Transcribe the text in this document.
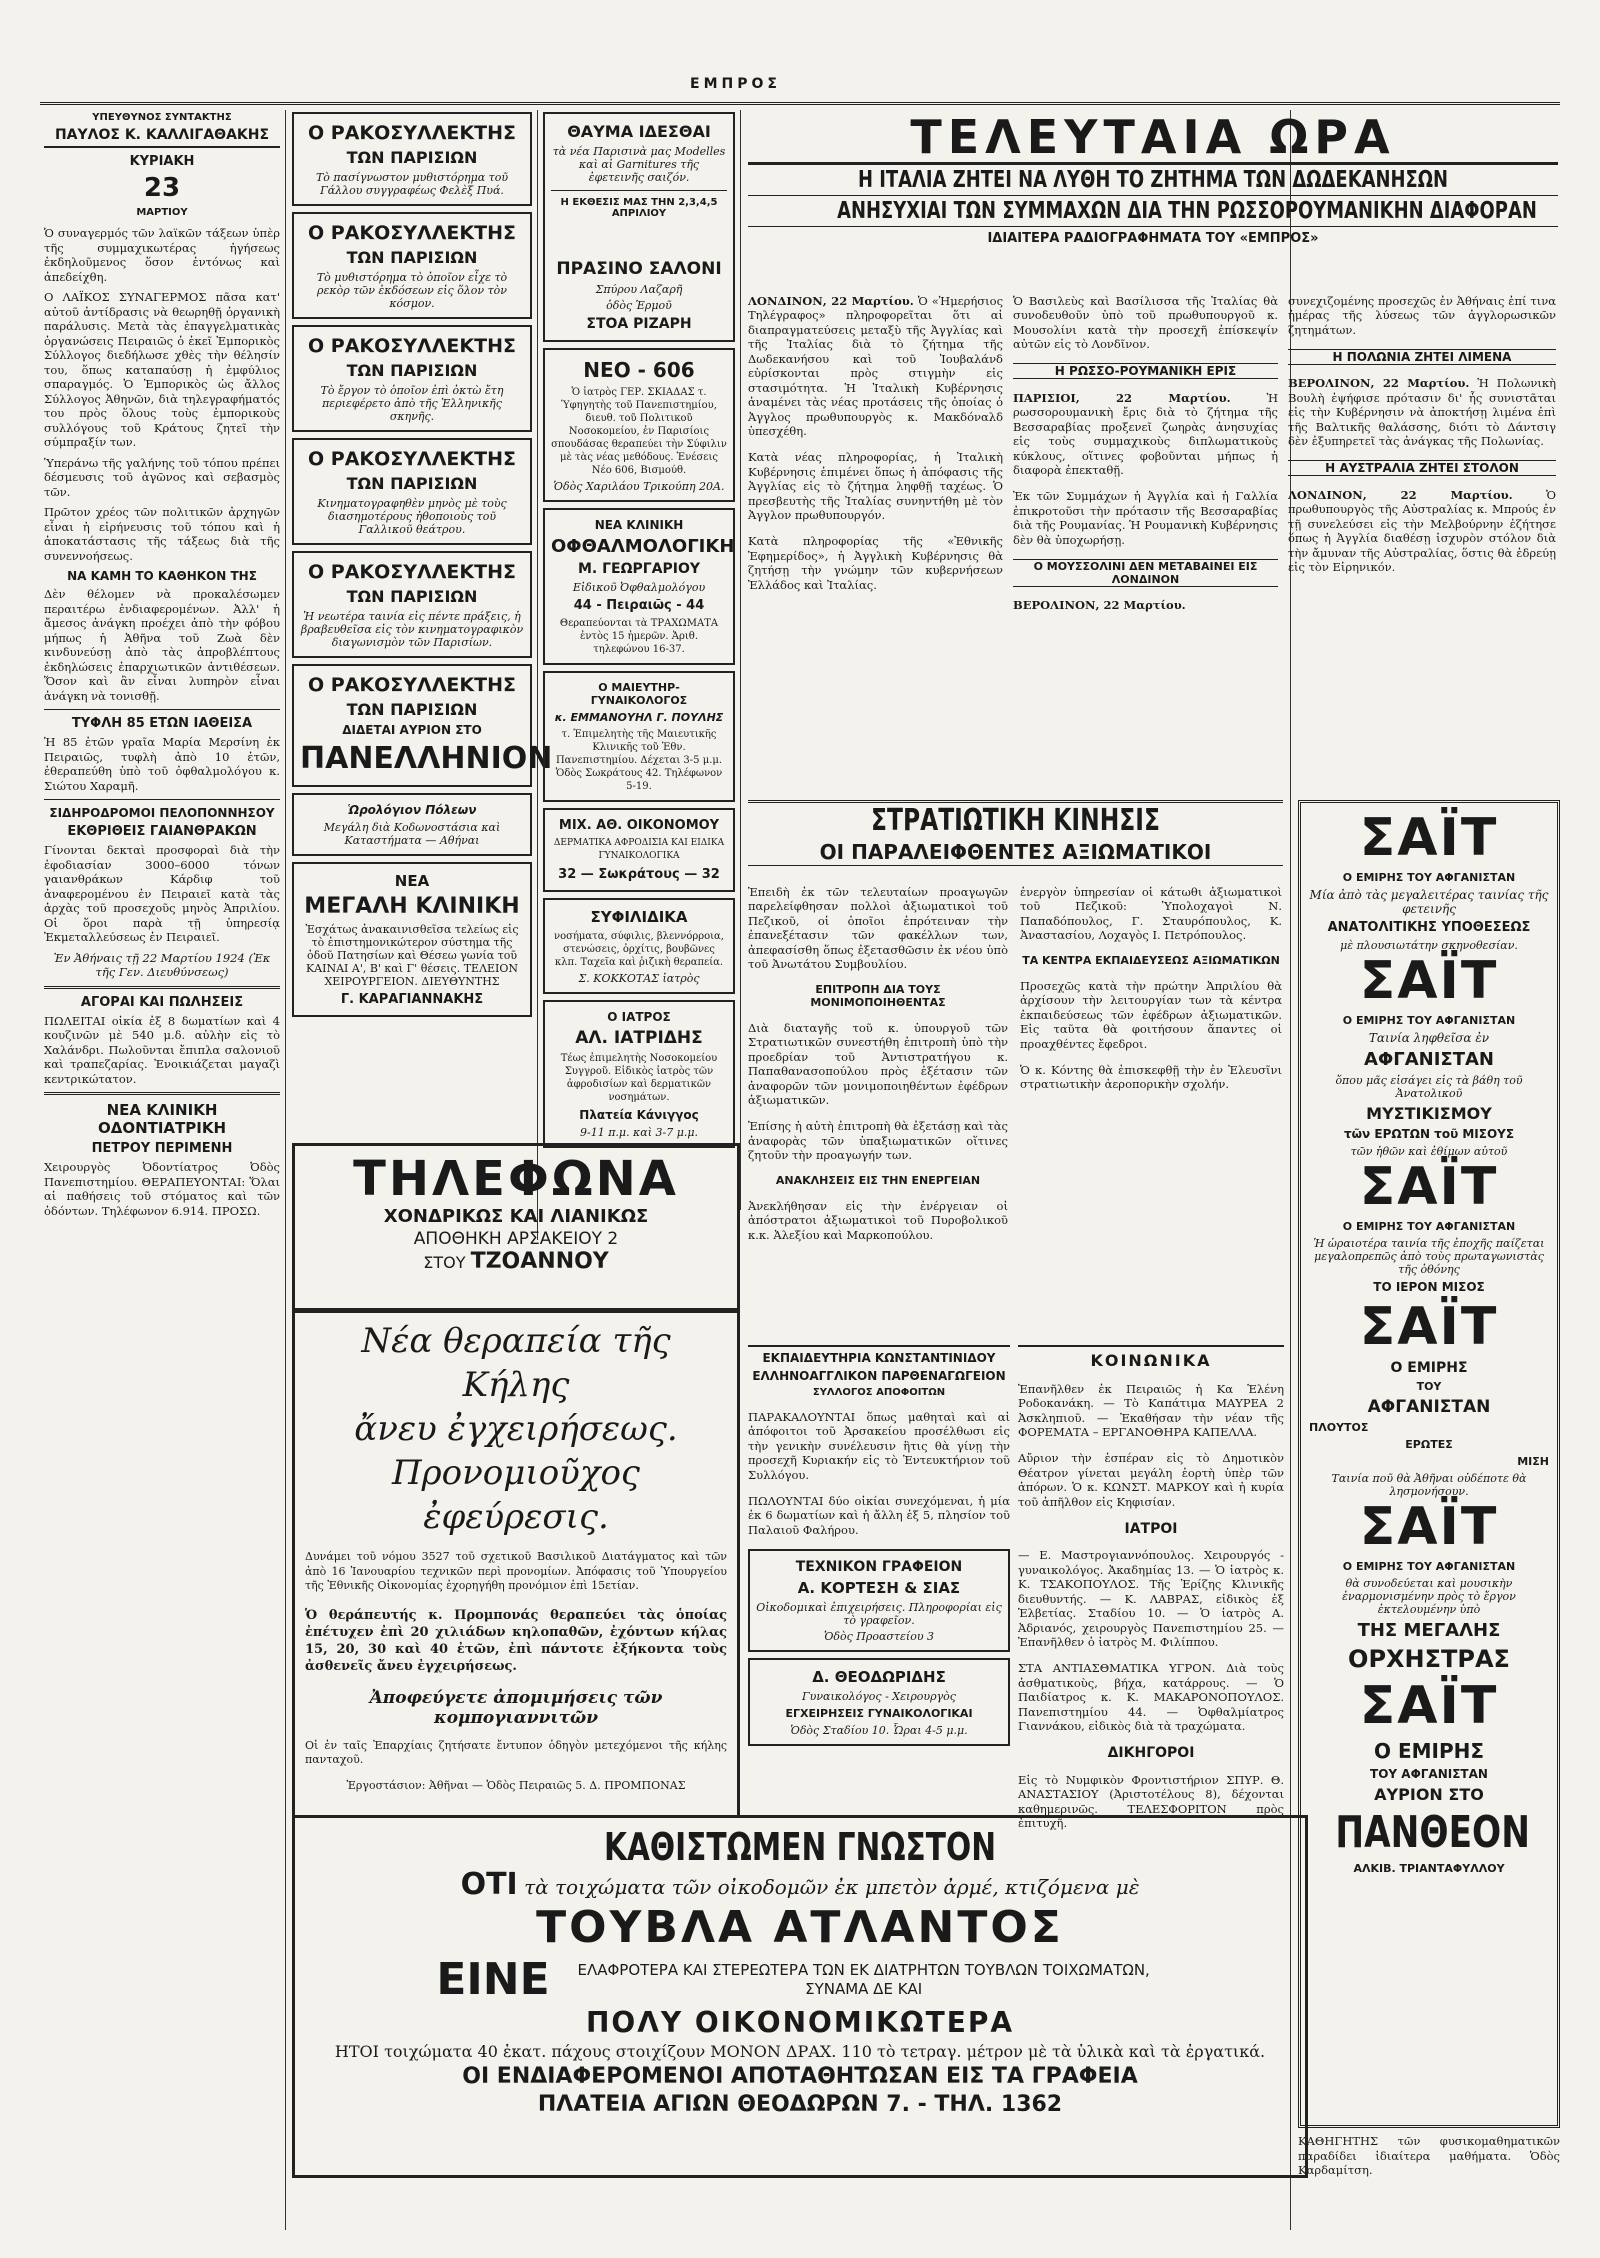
ΕΜΠΡΟΣ
ΥΠΕΥΘΥΝΟΣ ΣΥΝΤΑΚΤΗΣ
ΠΑΥΛΟΣ Κ. ΚΑΛΛΙΓΑΘΑΚΗΣ
ΚΥΡΙΑΚΗ
23
ΜΑΡΤΙΟΥ

Ὁ συναγερμός τῶν λαϊκῶν τάξεων ὑπὲρ τῆς συμμαχικωτέρας ἡγήσεως ἐκδηλοῦμενος ὅσον ἐντόνως καὶ ἀπεδείχθη.

Ο ΛΑΪΚΟΣ ΣΥΝΑΓΕΡΜΟΣ πᾶσα κατ' αὐτοῦ ἀντίδρασις νὰ θεωρηθῇ ὀργανικὴ παράλυσις. Μετὰ τὰς ἐπαγγελματικὰς ὀργανώσεις Πειραιῶς ὁ ἐκεῖ Ἐμπορικὸς Σύλλογος διεδήλωσε χθὲς τὴν θέλησίν του, ὅπως καταπαύσῃ ἡ ἐμφύλιος σπαραγμός. Ὁ Ἐμπορικὸς ὡς ἄλλος Σύλλογος Ἀθηνῶν, διὰ τηλεγραφήματός του πρὸς ὅλους τοὺς ἐμπορικοὺς συλλόγους τοῦ Κράτους ζητεῖ τὴν σύμπραξίν των.

Ὑπεράνω τῆς γαλήνης τοῦ τόπου πρέπει δέσμευσις τοῦ ἀγῶνος καὶ σεβασμὸς τῶν.

Πρῶτον χρέος τῶν πολιτικῶν ἀρχηγῶν εἶναι ἡ εἰρήνευσις τοῦ τόπου καὶ ἡ ἀποκατάστασις τῆς τάξεως διὰ τῆς συνεννοήσεως.

ΝΑ ΚΑΜΗ ΤΟ ΚΑΘΗΚΟΝ ΤΗΣ

Δὲν θέλομεν νὰ προκαλέσωμεν περαιτέρω ἐνδιαφερομένων. Ἀλλ' ἡ ἄμεσος ἀνάγκη προέχει ἀπὸ τὴν φόβου μήπως ἡ Ἀθῆνα τοῦ Ζωὰ δὲν κινδυνεύσῃ ἀπὸ τὰς ἀπροβλέπτους ἐκδηλώσεις ἐπαρχιωτικῶν ἀντιθέσεων. Ὅσον καὶ ἂν εἶναι λυπηρὸν εἶναι ἀνάγκη νὰ τονισθῇ.

ΤΥΦΛΗ 85 ΕΤΩΝ ΙΑΘΕΙΣΑ

Ἡ 85 ἐτῶν γραῖα Μαρία Μερσίνη ἐκ Πειραιῶς, τυφλὴ ἀπὸ 10 ἐτῶν, ἐθεραπεύθη ὑπὸ τοῦ ὀφθαλμολόγου κ. Σιώτου Χαραμῆ.

ΣΙΔΗΡΟΔΡΟΜΟΙ ΠΕΛΟΠΟΝΝΗΣΟΥ
ΕΚΘΡΙΘΕΙΣ ΓΑΙΑΝΘΡΑΚΩΝ

Γίνονται δεκταὶ προσφοραὶ διὰ τὴν ἐφοδιασίαν 3000–6000 τόνων γαιανθράκων Κάρδιφ τοῦ ἀναφερομένου ἐν Πειραιεῖ κατὰ τὰς ἀρχὰς τοῦ προσεχοῦς μηνὸς Ἀπριλίου. Οἱ ὅροι παρὰ τῇ ὑπηρεσίᾳ Ἐκμεταλλεύσεως ἐν Πειραιεῖ.

Ἐν Ἀθήναις τῇ 22 Μαρτίου 1924 (Ἐκ τῆς Γεν. Διευθύνσεως)

ΑΓΟΡΑΙ ΚΑΙ ΠΩΛΗΣΕΙΣ

ΠΩΛΕΙΤΑΙ οἰκία ἐξ 8 δωματίων καὶ 4 κουζινῶν μὲ 540 μ.δ. αὐλὴν εἰς τὸ Χαλάνδρι. Πωλοῦνται ἔπιπλα σαλονιοῦ καὶ τραπεζαρίας. Ἐνοικιάζεται μαγαζὶ κεντρικώτατον.

ΝΕΑ ΚΛΙΝΙΚΗ ΟΔΟΝΤΙΑΤΡΙΚΗ
ΠΕΤΡΟΥ ΠΕΡΙΜΕΝΗ

Χειρουργὸς Ὀδοντίατρος Ὀδὸς Πανεπιστημίου. ΘΕΡΑΠΕΥΟΝΤΑΙ: Ὅλαι αἱ παθήσεις τοῦ στόματος καὶ τῶν ὀδόντων. Τηλέφωνον 6.914. ΠΡΟΣΩ.

Ο ΡΑΚΟΣΥΛΛΕΚΤΗΣ
ΤΩΝ ΠΑΡΙΣΙΩΝ
Τὸ πασίγνωστον μυθιστόρημα τοῦ Γάλλου συγγραφέως Φελὲξ Πυά.
Ο ΡΑΚΟΣΥΛΛΕΚΤΗΣ
ΤΩΝ ΠΑΡΙΣΙΩΝ
Τὸ μυθιστόρημα τὸ ὁποῖον εἶχε τὸ ρεκὸρ τῶν ἐκδόσεων εἰς ὅλον τὸν κόσμον.
Ο ΡΑΚΟΣΥΛΛΕΚΤΗΣ
ΤΩΝ ΠΑΡΙΣΙΩΝ
Τὸ ἔργον τὸ ὁποῖον ἐπὶ ὀκτὼ ἔτη περιεφέρετο ἀπὸ τῆς Ἑλληνικῆς σκηνῆς.
Ο ΡΑΚΟΣΥΛΛΕΚΤΗΣ
ΤΩΝ ΠΑΡΙΣΙΩΝ
Κινηματογραφηθὲν μηνὸς μὲ τοὺς διασημοτέρους ἠθοποιοὺς τοῦ Γαλλικοῦ θεάτρου.
Ο ΡΑΚΟΣΥΛΛΕΚΤΗΣ
ΤΩΝ ΠΑΡΙΣΙΩΝ
Ἡ νεωτέρα ταινία εἰς πέντε πράξεις, ἡ βραβευθεῖσα εἰς τὸν κινηματογραφικὸν διαγωνισμὸν τῶν Παρισίων.
Ο ΡΑΚΟΣΥΛΛΕΚΤΗΣ
ΤΩΝ ΠΑΡΙΣΙΩΝ
ΔΙΔΕΤΑΙ ΑΥΡΙΟΝ ΣΤΟ
ΠΑΝΕΛΛΗΝΙΟΝ
Ὡρολόγιον Πόλεων
Μεγάλη διὰ Κοδωνοστάσια καὶ Καταστήματα — Αθήναι
ΝΕΑ
ΜΕΓΑΛΗ ΚΛΙΝΙΚΗ
Ἐσχάτως ἀνακαινισθεῖσα τελείως εἰς τὸ ἐπιστημονικώτερον σύστημα τῆς ὁδοῦ Πατησίων καὶ Θέσεω γωνία τοῦ ΚΑΙΝΑΙ Α', Β' καὶ Γ' θέσεις. ΤΕΛΕΙΟΝ ΧΕΙΡΟΥΡΓΕΙΟΝ. ΔΙΕΥΘΥΝΤΗΣ
Γ. ΚΑΡΑΓΙΑΝΝΑΚΗΣ
ΘΑΥΜΑ ΙΔΕΣΘΑΙ
τὰ νέα Παρισινὰ μας Modelles καὶ αἱ Garnitures τῆς ἐφετεινῆς σαιζόν.
Η ΕΚΘΕΣΙΣ ΜΑΣ ΤΗΝ 2,3,4,5 ΑΠΡΙΛΙΟΥ
ΠΡΑΣΙΝΟ ΣΑΛΟΝΙ
Σπύρου Λαζαρῆ
ὁδὸς Ἑρμοῦ
ΣΤΟΑ ΡΙΖΑΡΗ
ΝΕΟ - 606
Ὁ ἰατρὸς ΓΕΡ. ΣΚΙΑΔΑΣ τ. Ὑφηγητὴς τοῦ Πανεπιστημίου, διευθ. τοῦ Πολιτικοῦ Νοσοκομείου, ἐν Παρισίοις σπουδάσας θεραπεύει τὴν Σύφιλιν μὲ τὰς νέας μεθόδους. Ἐνέσεις Νέο 606, Βισμούθ.
Ὁδὸς Χαριλάου Τρικούπη 20Α.
ΝΕΑ ΚΛΙΝΙΚΗ
ΟΦΘΑΛΜΟΛΟΓΙΚΗ
Μ. ΓΕΩΡΓΑΡΙΟΥ
Εἰδικοῦ Ὀφθαλμολόγου
44 - Πειραιῶς - 44
Θεραπεύονται τὰ ΤΡΑΧΩΜΑΤΑ ἐντὸς 15 ἡμερῶν. Ἀριθ. τηλεφώνου 16-37.
Ο ΜΑΙΕΥΤΗΡ-ΓΥΝΑΙΚΟΛΟΓΟΣ
κ. ΕΜΜΑΝΟΥΗΛ Γ. ΠΟΥΛΗΣ
τ. Ἐπιμελητὴς τῆς Μαιευτικῆς Κλινικῆς τοῦ Ἐθν. Πανεπιστημίου. Δέχεται 3-5 μ.μ. Ὁδὸς Σωκράτους 42. Τηλέφωνον 5-19.
ΜΙΧ. ΑΘ. ΟΙΚΟΝΟΜΟΥ
ΔΕΡΜΑΤΙΚΑ ΑΦΡΟΔΙΣΙΑ ΚΑΙ ΕΙΔΙΚΑ ΓΥΝΑΙΚΟΛΟΓΙΚΑ
32 — Σωκράτους — 32
ΣΥΦΙΛΙΔΙΚΑ
νοσήματα, σύφιλις, βλεννόρροια, στενώσεις, ὀρχίτις, βουβῶνες κλπ. Ταχεῖα καὶ ῥιζικὴ θεραπεία.
Σ. ΚΟΚΚΟΤΑΣ ἰατρὸς
Ο ΙΑΤΡΟΣ
ΑΛ. ΙΑΤΡΙΔΗΣ
Τέως ἐπιμελητὴς Νοσοκομείου Συγγροῦ. Εἰδικὸς ἰατρὸς τῶν ἀφροδισίων καὶ δερματικῶν νοσημάτων.
Πλατεία Κάνιγγος
9-11 π.μ. καὶ 3-7 μ.μ.
ΤΕΛΕΥΤΑΙΑ ΩΡΑ
Η ΙΤΑΛΙΑ ΖΗΤΕΙ ΝΑ ΛΥΘΗ ΤΟ ΖΗΤΗΜΑ ΤΩΝ ΔΩΔΕΚΑΝΗΣΩΝ
ΑΝΗΣΥΧΙΑΙ ΤΩΝ ΣΥΜΜΑΧΩΝ ΔΙΑ ΤΗΝ ΡΩΣΣΟΡΟΥΜΑΝΙΚΗΝ ΔΙΑΦΟΡΑΝ
ΙΔΙΑΙΤΕΡΑ ΡΑΔΙΟΓΡΑΦΗΜΑΤΑ ΤΟΥ «ΕΜΠΡΟΣ»

ΛΟΝΔΙΝΟΝ, 22 Μαρτίου. Ὁ «Ἡμερήσιος Τηλέγραφος» πληροφορεῖται ὅτι αἱ διαπραγματεύσεις μεταξὺ τῆς Ἀγγλίας καὶ τῆς Ἰταλίας διὰ τὸ ζήτημα τῆς Δωδεκανήσου καὶ τοῦ Ἰουβαλάνδ εὑρίσκονται πρὸς στιγμὴν εἰς στασιμότητα. Ἡ Ἰταλικὴ Κυβέρνησις ἀναμένει τὰς νέας προτάσεις τῆς ὁποίας ὁ Ἀγγλος πρωθυπουργὸς κ. Μακδόναλδ ὑπεσχέθη.

Κατὰ νέας πληροφορίας, ἡ Ἰταλικὴ Κυβέρνησις ἐπιμένει ὅπως ἡ ἀπόφασις τῆς Ἀγγλίας εἰς τὸ ζήτημα ληφθῇ ταχέως. Ὁ πρεσβευτὴς τῆς Ἰταλίας συνηντήθη μὲ τὸν Ἀγγλον πρωθυπουργόν.

Κατὰ πληροφορίας τῆς «Ἐθνικῆς Ἐφημερίδος», ἡ Ἀγγλικὴ Κυβέρνησις θὰ ζητήσῃ τὴν γνώμην τῶν κυβερνήσεων Ἑλλάδος καὶ Ἰταλίας.

Ὁ Βασιλεὺς καὶ Βασίλισσα τῆς Ἰταλίας θὰ συνοδευθοῦν ὑπὸ τοῦ πρωθυπουργοῦ κ. Μουσολίνι κατὰ τὴν προσεχῆ ἐπίσκεψίν αὐτῶν εἰς τὸ Λονδῖνον.

Η ΡΩΣΣΟ-ΡΟΥΜΑΝΙΚΗ ΕΡΙΣ

ΠΑΡΙΣΙΟΙ, 22 Μαρτίου.	Ἡ ρωσσορουμανικὴ ἔρις διὰ τὸ ζήτημα τῆς Βεσσαραβίας προξενεῖ ζωηρὰς ἀνησυχίας εἰς τοὺς συμμαχικοὺς διπλωματικοὺς κύκλους, οἵτινες φοβοῦνται μήπως ἡ διαφορὰ ἐπεκταθῇ.

Ἐκ τῶν Συμμάχων ἡ Ἀγγλία καὶ ἡ Γαλλία ἐπικροτοῦσι τὴν πρότασιν τῆς Βεσσαραβίας διὰ τῆς Ρουμανίας. Ἡ Ρουμανικὴ Κυβέρνησις δὲν θὰ ὑποχωρήσῃ.

Ο ΜΟΥΣΣΟΛΙΝΙ ΔΕΝ ΜΕΤΑΒΑΙΝΕΙ ΕΙΣ ΛΟΝΔΙΝΟΝ

ΒΕΡΟΛΙΝΟΝ, 22 Μαρτίου.

συνεχιζομένης προσεχῶς ἐν Ἀθήναις ἐπί τινα ἡμέρας τῆς λύσεως τῶν ἀγγλορωσικῶν ζητημάτων.

Η ΠΟΛΩΝΙΑ ΖΗΤΕΙ ΛΙΜΕΝΑ

ΒΕΡΟΛΙΝΟΝ, 22 Μαρτίου. Ἡ Πολωνικὴ Βουλὴ ἐψήφισε πρότασιν δι' ἧς συνιστᾶται εἰς τὴν Κυβέρνησιν νὰ ἀποκτήσῃ λιμένα ἐπὶ τῆς Βαλτικῆς θαλάσσης, διότι τὸ Δάντσιγ δὲν ἐξυπηρετεῖ τὰς ἀνάγκας τῆς Πολωνίας.

Η ΑΥΣΤΡΑΛΙΑ ΖΗΤΕΙ ΣΤΟΛΟΝ

ΛΟΝΔΙΝΟΝ, 22 Μαρτίου.	Ὁ πρωθυπουργὸς τῆς Αὐστραλίας κ. Μπρούς ἐν τῇ συνελεύσει εἰς τὴν Μελβούρνην ἐζήτησε ὅπως ἡ Ἀγγλία διαθέσῃ ἰσχυρὸν στόλον διὰ τὴν ἄμυναν τῆς Αὐστραλίας, ὅστις θὰ ἐδρεύῃ εἰς τὸν Εἰρηνικόν.

ΣΤΡΑΤΙΩΤΙΚΗ ΚΙΝΗΣΙΣ
ΟΙ ΠΑΡΑΛΕΙΦΘΕΝΤΕΣ ΑΞΙΩΜΑΤΙΚΟΙ

Ἐπειδὴ ἐκ τῶν τελευταίων προαγωγῶν παρελείφθησαν πολλοὶ ἀξιωματικοὶ τοῦ Πεζικοῦ, οἱ ὁποῖοι ἐπρότειναν τὴν ἐπανεξέτασιν τῶν φακέλλων των, ἀπεφασίσθη ὅπως ἐξετασθῶσιν ἐκ νέου ὑπὸ τοῦ Ἀνωτάτου Συμβουλίου.

ΕΠΙΤΡΟΠΗ ΔΙΑ ΤΟΥΣ ΜΟΝΙΜΟΠΟΙΗΘΕΝΤΑΣ

Διὰ διαταγῆς τοῦ κ. ὑπουργοῦ τῶν Στρατιωτικῶν συνεστήθη ἐπιτροπὴ ὑπὸ τὴν προεδρίαν τοῦ Ἀντιστρατήγου κ. Παπαθανασοπούλου πρὸς ἐξέτασιν τῶν ἀναφορῶν τῶν μονιμοποιηθέντων ἐφέδρων ἀξιωματικῶν.

Ἐπίσης ἡ αὐτὴ ἐπιτροπὴ θὰ ἐξετάσῃ καὶ τὰς ἀναφορὰς τῶν ὑπαξιωματικῶν οἵτινες ζητοῦν τὴν προαγωγήν των.

ΑΝΑΚΛΗΣΕΙΣ ΕΙΣ ΤΗΝ ΕΝΕΡΓΕΙΑΝ

Ἀνεκλήθησαν εἰς τὴν ἐνέργειαν οἱ ἀπόστρατοι ἀξιωματικοὶ τοῦ Πυροβολικοῦ κ.κ. Ἀλεξίου καὶ Μαρκοπούλου.

ἐνεργὸν ὑπηρεσίαν οἱ κάτωθι ἀξιωματικοὶ τοῦ Πεζικοῦ: Ὑπολοχαγοὶ Ν. Παπαδόπουλος, Γ. Σταυρόπουλος, Κ. Ἀναστασίου, Λοχαγὸς Ι. Πετρόπουλος.

ΤΑ ΚΕΝΤΡΑ ΕΚΠΑΙΔΕΥΣΕΩΣ ΑΞΙΩΜΑΤΙΚΩΝ

Προσεχῶς κατὰ τὴν πρώτην Ἀπριλίου θὰ ἀρχίσουν τὴν λειτουργίαν των τὰ κέντρα ἐκπαιδεύσεως τῶν ἐφέδρων ἀξιωματικῶν. Εἰς ταῦτα θὰ φοιτήσουν ἅπαντες οἱ προαχθέντες ἔφεδροι.

Ὁ κ. Κόντης θὰ ἐπισκεφθῇ τὴν ἐν Ἐλευσῖνι στρατιωτικὴν ἀεροπορικὴν σχολήν.

ΕΚΠΑΙΔΕΥΤΗΡΙΑ ΚΩΝΣΤΑΝΤΙΝΙΔΟΥ
ΕΛΛΗΝΟΑΓΓΛΙΚΟΝ ΠΑΡΘΕΝΑΓΩΓΕΙΟΝ
ΣΥΛΛΟΓΟΣ ΑΠΟΦΟΙΤΩΝ

ΠΑΡΑΚΑΛΟΥΝΤΑΙ ὅπως μαθηταὶ καὶ αἱ ἀπόφοιτοι τοῦ Ἀρσακείου προσέλθωσι εἰς τὴν γενικὴν συνέλευσιν ἣτις θὰ γίνῃ τὴν προσεχῆ Κυριακήν εἰς τὸ Ἐντευκτήριον τοῦ Συλλόγου.

ΠΩΛΟΥΝΤΑΙ δύο οἰκίαι συνεχόμεναι, ἡ μία ἐκ 6 δωματίων καὶ ἡ ἄλλη ἐξ 5, πλησίον τοῦ Παλαιοῦ Φαλήρου.

ΤΕΧΝΙΚΟΝ ΓΡΑΦΕΙΟΝ
Α. ΚΟΡΤΕΣΗ & ΣΙΑΣ
Οἰκοδομικαὶ ἐπιχειρήσεις. Πληροφορίαι εἰς τὸ γραφεῖον.
Ὁδὸς Προαστείου 3
Δ. ΘΕΟΔΩΡΙΔΗΣ
Γυναικολόγος - Χειρουργὸς
ΕΓΧΕΙΡΗΣΕΙΣ ΓΥΝΑΙΚΟΛΟΓΙΚΑΙ
Ὁδὸς Σταδίου 10. Ὧραι 4-5 μ.μ.
ΚΟΙΝΩΝΙΚΑ

Ἐπανῆλθεν ἐκ Πειραιῶς ἡ Κα Ἑλένη Ροδοκανάκη. — Τὸ Καπάτιμα ΜΑΥΡΕΑ 2 Ἀσκληπιοῦ. — Ἐκαθήσαν τὴν νέαν τῆς ΦΟΡΕΜΑΤΑ – ΕΡΓΑΝΟΘΗΡΑ ΚΑΠΕΛΛΑ.

Αὔριον τὴν ἑσπέραν εἰς τὸ Δημοτικὸν Θέατρον γίνεται μεγάλη ἐορτὴ ὑπὲρ τῶν ἀπόρων. Ὁ κ. ΚΩΝΣΤ. ΜΑΡΚΟΥ καὶ ἡ κυρία τοῦ ἀπῆλθον εἰς Κηφισίαν.

ΙΑΤΡΟΙ

— Ε. Μαστρογιαννόπουλος. Χειρουργός - γυναικολόγος. Ἀκαδημίας 13. — Ὁ ἰατρὸς κ. Κ. ΤΣΑΚΟΠΟΥΛΟΣ. Τῆς Ἐρίζης Κλινικῆς διευθυντής. — Κ. ΛΑΒΡΑΣ, εἰδικὸς ἐξ Ἑλβετίας. Σταδίου 10. — Ὁ ἰατρὸς Α. Ἀδριανός, χειρουργὸς Πανεπιστημίου 25. — Ἐπανῆλθεν ὁ ἰατρὸς Μ. Φιλίππου.

ΣΤΑ ΑΝΤΙΑΣΘΜΑΤΙΚΑ ΥΓΡΟΝ. Διὰ τοὺς ἀσθματικοὺς, βήχα, κατάρρους. — Ὁ Παιδίατρος κ. Κ. ΜΑΚΑΡΟΝΟΠΟΥΛΟΣ. Πανεπιστημίου 44. — Ὀφθαλμίατρος Γιαννάκου, εἰδικὸς διὰ τὰ τραχώματα.

ΔΙΚΗΓΟΡΟΙ

Εἰς τὸ Νυμφικὸν Φροντιστήριον ΣΠΥΡ. Θ. ΑΝΑΣΤΑΣΙΟΥ (Ἀριστοτέλους 8), δέχονται καθημερινῶς. ΤΕΛΕΣΦΟΡΙΤΟΝ πρὸς ἐπιτυχῆ.

ΣΑΪΤ
Ο ΕΜΙΡΗΣ ΤΟΥ ΑΦΓΑΝΙΣΤΑΝ
Μία ἀπὸ τὰς μεγαλειτέρας ταινίας τῆς φετεινῆς
ΑΝΑΤΟΛΙΤΙΚΗΣ ΥΠΟΘΕΣΕΩΣ
μὲ πλουσιωτάτην σκηνοθεσίαν.
ΣΑΪΤ
Ο ΕΜΙΡΗΣ ΤΟΥ ΑΦΓΑΝΙΣΤΑΝ
Ταινία ληφθεῖσα ἐν
ΑΦΓΑΝΙΣΤΑΝ
ὅπου μᾶς εἰσάγει εἰς τὰ βάθη τοῦ Ἀνατολικοῦ
ΜΥΣΤΙΚΙΣΜΟΥ
τῶν ΕΡΩΤΩΝ τοῦ ΜΙΣΟΥΣ
τῶν ἠθῶν καὶ ἐθίμων αὐτοῦ
ΣΑΪΤ
Ο ΕΜΙΡΗΣ ΤΟΥ ΑΦΓΑΝΙΣΤΑΝ
Ἡ ὡραιοτέρα ταινία τῆς ἐποχῆς παίζεται μεγαλοπρεπῶς ἀπὸ τοὺς πρωταγωνιστὰς τῆς ὁθόνης
ΤΟ ΙΕΡΟΝ ΜΙΣΟΣ
ΣΑΪΤ
Ο ΕΜΙΡΗΣ
ΤΟΥ
ΑΦΓΑΝΙΣΤΑΝ
ΠΛΟΥΤΟΣ
ΕΡΩΤΕΣ
ΜΙΣΗ
Ταινία ποῦ θὰ Ἀθῆναι οὐδέποτε θὰ λησμονήσουν.
ΣΑΪΤ
Ο ΕΜΙΡΗΣ ΤΟΥ ΑΦΓΑΝΙΣΤΑΝ
θὰ συνοδεύεται καὶ μουσικὴν ἐναρμονισμένην πρὸς τὸ ἔργον ἐκτελουμένην ὑπὸ
ΤΗΣ ΜΕΓΑΛΗΣ
ΟΡΧΗΣΤΡΑΣ
ΣΑΪΤ
Ο ΕΜΙΡΗΣ
ΤΟΥ ΑΦΓΑΝΙΣΤΑΝ
ΑΥΡΙΟΝ ΣΤΟ
ΠΑΝΘΕΟΝ
ΑΛΚΙΒ. ΤΡΙΑΝΤΑΦΥΛΛΟΥ

ΚΑΘΗΓΗΤΗΣ τῶν φυσικομαθηματικῶν παραδίδει ἰδιαίτερα μαθήματα. Ὁδὸς Καρδαμίτση.

ΤΗΛΕΦΩΝΑ
ΧΟΝΔΡΙΚΩΣ ΚΑΙ ΛΙΑΝΙΚΩΣ
ΑΠΟΘΗΚΗ ΑΡΣΑΚΕΙΟΥ 2
ΣΤΟΥ ΤΖΟΑΝΝΟΥ
Νέα θεραπεία τῆς Κήλης
ἄνευ ἐγχειρήσεως.
Προνομιοῦχος ἐφεύρεσις.

Δυνάμει τοῦ νόμου 3527 τοῦ σχετικοῦ Βασιλικοῦ Διατάγματος καὶ τῶν ἀπὸ 16 Ἰανουαρίου τεχνικῶν περὶ προνομίων. Ἀπόφασις τοῦ Ὑπουργείου τῆς Ἐθνικῆς Οἰκονομίας ἐχορηγήθη προνόμιον ἐπὶ 15ετίαν.

Ὁ θεράπευτής κ. Προμπονάς θεραπεύει τὰς ὁποίας ἐπέτυχεν ἐπὶ 20 χιλιάδων κηλοπαθῶν, ἐχόντων κήλας 15, 20, 30 καὶ 40 ἐτῶν, ἐπὶ πάντοτε ἐξήκοντα τοὺς ἀσθενεῖς ἄνευ ἐγχειρήσεως.

Ἀποφεύγετε ἀπομιμήσεις τῶν κομπογιαννιτῶν

Οἱ ἐν ταῖς Ἐπαρχίαις ζητήσατε ἔντυπον ὁδηγὸν μετεχόμενοι τῆς κήλης πανταχοῦ.

Ἐργοστάσιον: Ἀθῆναι — Ὁδὸς Πειραιῶς 5. Δ. ΠΡΟΜΠΟΝΑΣ

ΚΑΘΙΣΤΩΜΕΝ ΓΝΩΣΤΟΝ
ΟΤΙ τὰ τοιχώματα τῶν οἰκοδομῶν ἐκ μπετὸν ἀρμέ, κτιζόμενα μὲ
ΤΟΥΒΛΑ ΑΤΛΑΝΤΟΣ
ΕΙΝΕ	ΕΛΑΦΡΟΤΕΡΑ ΚΑΙ ΣΤΕΡΕΩΤΕΡΑ ΤΩΝ ΕΚ ΔΙΑΤΡΗΤΩΝ ΤΟΥΒΛΩΝ ΤΟΙΧΩΜΑΤΩΝ, ΣΥΝΑΜΑ ΔΕ ΚΑΙ
ΠΟΛΥ ΟΙΚΟΝΟΜΙΚΩΤΕΡΑ
ΗΤΟΙ τοιχώματα 40 ἑκατ. πάχους στοιχίζουν ΜΟΝΟΝ ΔΡΑΧ. 110 τὸ τετραγ. μέτρον μὲ τὰ ὑλικὰ καὶ τὰ ἐργατικά.
ΟΙ ΕΝΔΙΑΦΕΡΟΜΕΝΟΙ ΑΠΟΤΑΘΗΤΩΣΑΝ ΕΙΣ ΤΑ ΓΡΑΦΕΙΑ
ΠΛΑΤΕΙΑ ΑΓΙΩΝ ΘΕΟΔΩΡΩΝ 7. - ΤΗΛ. 1362
